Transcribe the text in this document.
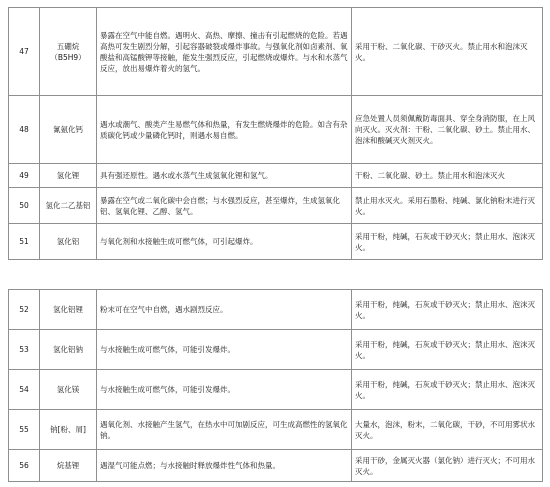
47	五硼烷
（B5H9）	暴露在空气中能自燃。遇明火、高热、摩擦、撞击有引起燃烧的危险。若遇高热可发生剧烈分解，引起容器破裂或爆炸事故。与强氧化剂如卤素剂、氧酸盐和高锰酸钾等接触，能发生强烈反应，引起燃烧或爆炸。与水和水蒸气反应，放出易爆炸着火的氢气。	采用干粉、二氧化碳、干砂灭火。禁止用水和泡沫灭火。
48	氰氨化钙	遇水或潮气、酸类产生易燃气体和热量，有发生燃烧爆炸的危险。如含有杂质碳化钙或少量磷化钙时，则遇水易自燃。	应急处置人员须佩戴防毒面具、穿全身消防服，在上风向灭火。灭火剂：干粉、二氧化碳、砂土。禁止用水、泡沫和酸碱灭火剂灭火。
49	氢化锂	具有强还原性。遇水或水蒸气生成氢氧化锂和氢气。	干粉、二氧化碳、砂土。禁止用水和泡沫灭火
50	氢化二乙基铝	暴露在空气或二氧化碳中会自燃；与水强烈反应，甚至爆炸，生成氢氧化铝、氢氧化锂、乙醇、氢气。	禁止用水灭火。采用石墨粉、纯碱、氯化钠粉末进行灭火。
51	氢化铝	与氧化剂和水接触生成可燃气体，可引起爆炸。	采用干粉，纯碱，石灰或干砂灭火；禁止用水、泡沫灭火。
52	氢化铝锂	粉末可在空气中自燃，遇水剧烈反应。	采用干粉，纯碱，石灰或干砂灭火；禁止用水、泡沫灭火。
53	氢化铝钠	与水接触生成可燃气体，可能引发爆炸。	采用干粉，纯碱，石灰或干砂灭火；禁止用水、泡沫灭火。
54	氢化镁	与水接触生成可燃气体，可能引发爆炸。	采用干粉，纯碱，石灰或干砂灭火；禁止用水、泡沫灭火。
55	钠[粉、屑]	遇氧化剂、水接触产生氢气，在热水中可加剧反应，可生成高燃性的氢氧化钠。	大量水，泡沫，粉末，二氧化碳，干砂，不可用雾状水灭火。
56	烷基锂	遇湿气可能点燃；与水接触时释放爆炸性气体和热量。	采用干砂，金属灭火器（氯化钠）进行灭火；不可用水灭火。
